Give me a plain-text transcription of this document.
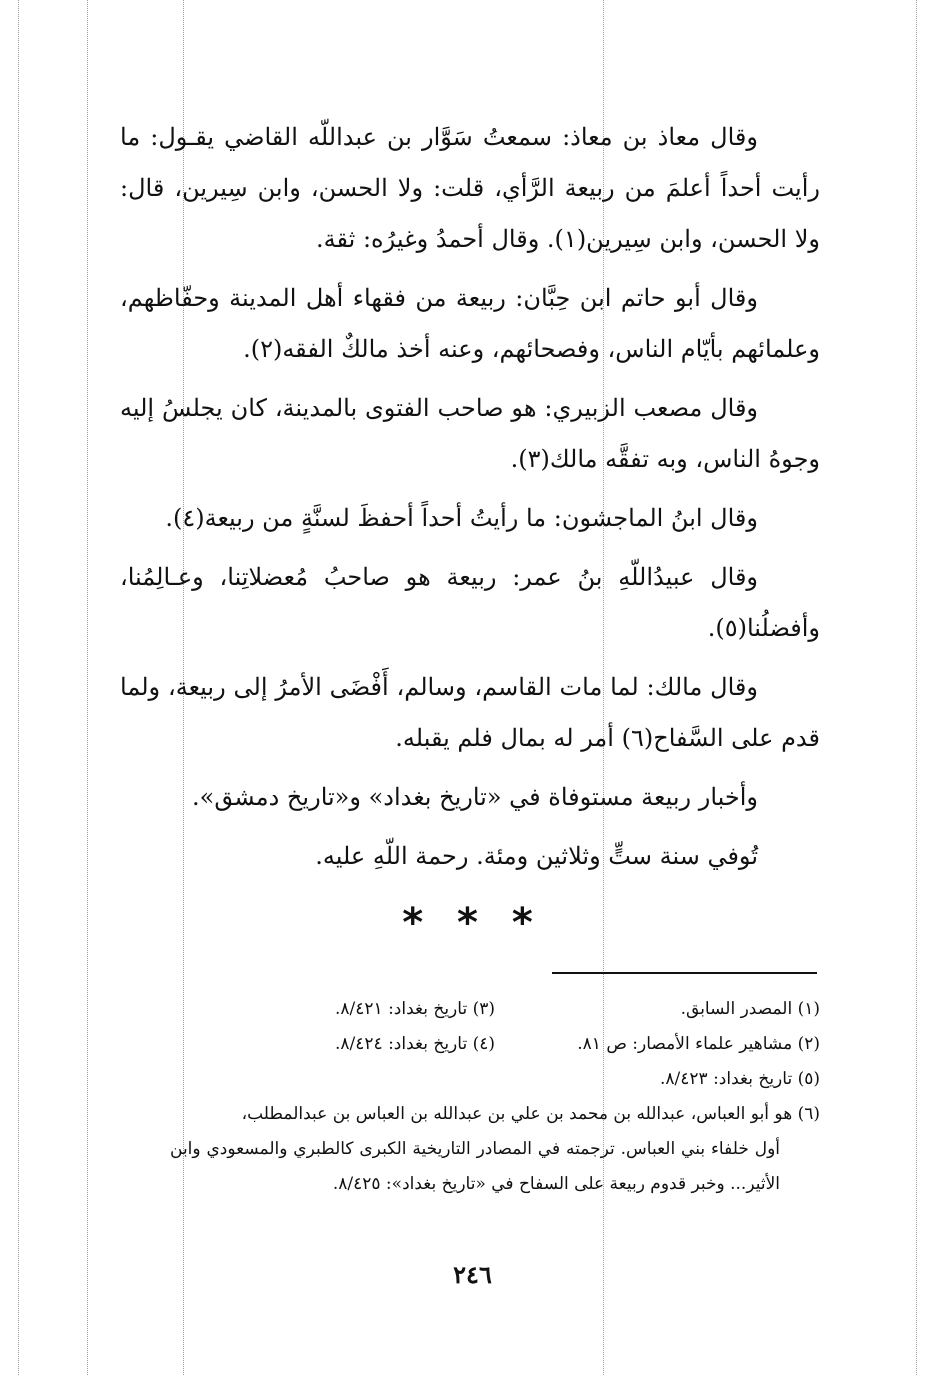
وقال معاذ بن معاذ: سمعتُ سَوَّار بن عبداللّه القاضي يقـول: ما رأيت أحداً أعلمَ من ربيعة الرَّأي، قلت: ولا الحسن، وابن سِيرين، قال: ولا الحسن، وابن سِيرين(١). وقال أحمدُ وغيرُه: ثقة.

وقال أبو حاتم ابن حِبَّان: ربيعة من فقهاء أهل المدينة وحفّاظهم، وعلمائهم بأيّام الناس، وفصحائهم، وعنه أخذ مالكٌ الفقه(٢).

وقال مصعب الزبيري: هو صاحب الفتوى بالمدينة، كان يجلسُ إليه وجوهُ الناس، وبه تفقَّه مالك(٣).

وقال ابنُ الماجشون: ما رأيتُ أحداً أحفظَ لسنَّةٍ من ربيعة(٤).

وقال عبيدُاللّهِ بنُ عمر: ربيعة هو صاحبُ مُعضلاتِنا، وعـالِمُنا، وأفضلُنا(٥).

وقال مالك: لما مات القاسم، وسالم، أَفْضَى الأمرُ إلى ربيعة، ولما قدم على السَّفاح(٦) أمر له بمال فلم يقبله.

وأخبار ربيعة مستوفاة في «تاريخ بغداد» و«تاريخ دمشق».

تُوفي سنة ستٍّ وثلاثين ومئة. رحمة اللّهِ عليه.

* * *
(١) المصدر السابق.
(٣) تاريخ بغداد: ٨/٤٢١.
(٢) مشاهير علماء الأمصار: ص ٨١.
(٤) تاريخ بغداد: ٨/٤٢٤.
(٥) تاريخ بغداد: ٨/٤٢٣.
(٦) هو أبو العباس، عبدالله بن محمد بن علي بن عبدالله بن العباس بن عبدالمطلب،
أول خلفاء بني العباس. ترجمته في المصادر التاريخية الكبرى كالطبري والمسعودي وابن الأثير... وخبر قدوم ربيعة على السفاح في «تاريخ بغداد»: ٨/٤٢٥.
٢٤٦
